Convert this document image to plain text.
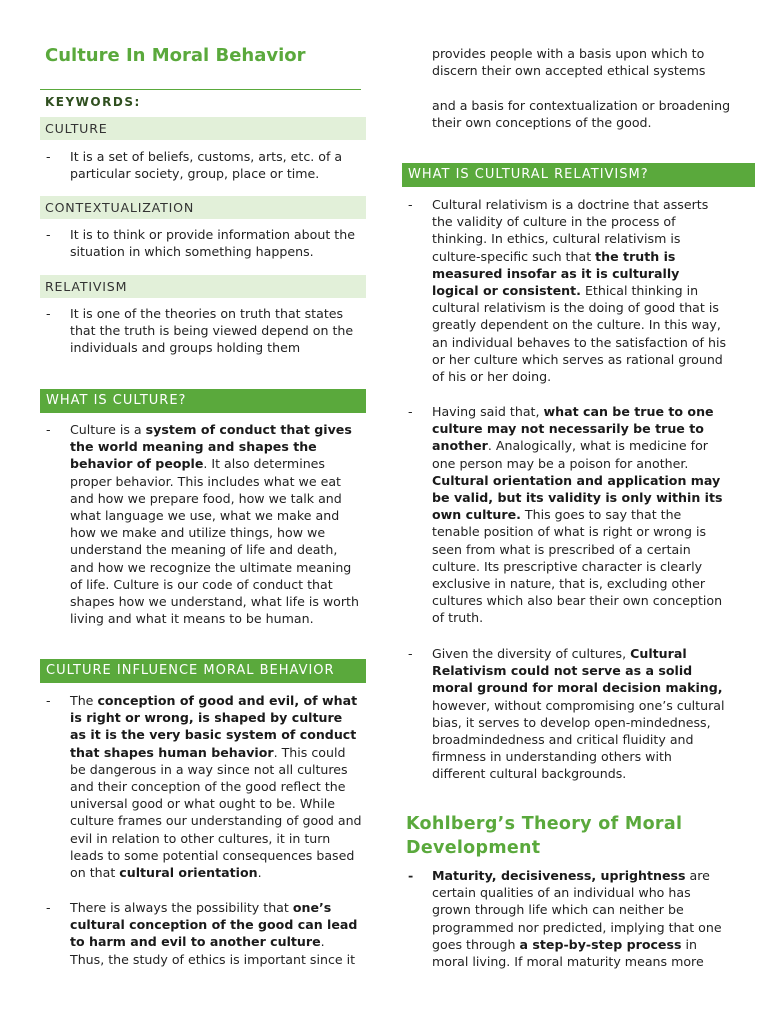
Culture In Moral Behavior
KEYWORDS:
CULTURE
- It is a set of beliefs, customs, arts, etc. of a particular society, group, place or time.
CONTEXTUALIZATION
- It is to think or provide information about the situation in which something happens.
RELATIVISM
- It is one of the theories on truth that states that the truth is being viewed depend on the individuals and groups holding them
WHAT IS CULTURE?
- Culture is a system of conduct that gives the world meaning and shapes the behavior of people. It also determines proper behavior. This includes what we eat and how we prepare food, how we talk and what language we use, what we make and how we make and utilize things, how we understand the meaning of life and death, and how we recognize the ultimate meaning of life. Culture is our code of conduct that shapes how we understand, what life is worth living and what it means to be human.
CULTURE INFLUENCE MORAL BEHAVIOR
- The conception of good and evil, of what is right or wrong, is shaped by culture as it is the very basic system of conduct that shapes human behavior. This could be dangerous in a way since not all cultures and their conception of the good reflect the universal good or what ought to be. While culture frames our understanding of good and evil in relation to other cultures, it in turn leads to some potential consequences based on that cultural orientation.
- There is always the possibility that one’s cultural conception of the good can lead to harm and evil to another culture. Thus, the study of ethics is important since it
provides people with a basis upon which to discern their own accepted ethical systems
and a basis for contextualization or broadening their own conceptions of the good.
WHAT IS CULTURAL RELATIVISM?
- Cultural relativism is a doctrine that asserts the validity of culture in the process of thinking. In ethics, cultural relativism is culture-specific such that the truth is measured insofar as it is culturally logical or consistent. Ethical thinking in cultural relativism is the doing of good that is greatly dependent on the culture. In this way, an individual behaves to the satisfaction of his or her culture which serves as rational ground of his or her doing.
- Having said that, what can be true to one culture may not necessarily be true to another. Analogically, what is medicine for one person may be a poison for another. Cultural orientation and application may be valid, but its validity is only within its own culture. This goes to say that the tenable position of what is right or wrong is seen from what is prescribed of a certain culture. Its prescriptive character is clearly exclusive in nature, that is, excluding other cultures which also bear their own conception of truth.
- Given the diversity of cultures, Cultural Relativism could not serve as a solid moral ground for moral decision making, however, without compromising one’s cultural bias, it serves to develop open-mindedness, broadmindedness and critical fluidity and firmness in understanding others with different cultural backgrounds.
Kohlberg’s Theory of Moral Development
- Maturity, decisiveness, uprightness are certain qualities of an individual who has grown through life which can neither be programmed nor predicted, implying that one goes through a step-by-step process in moral living. If moral maturity means more
